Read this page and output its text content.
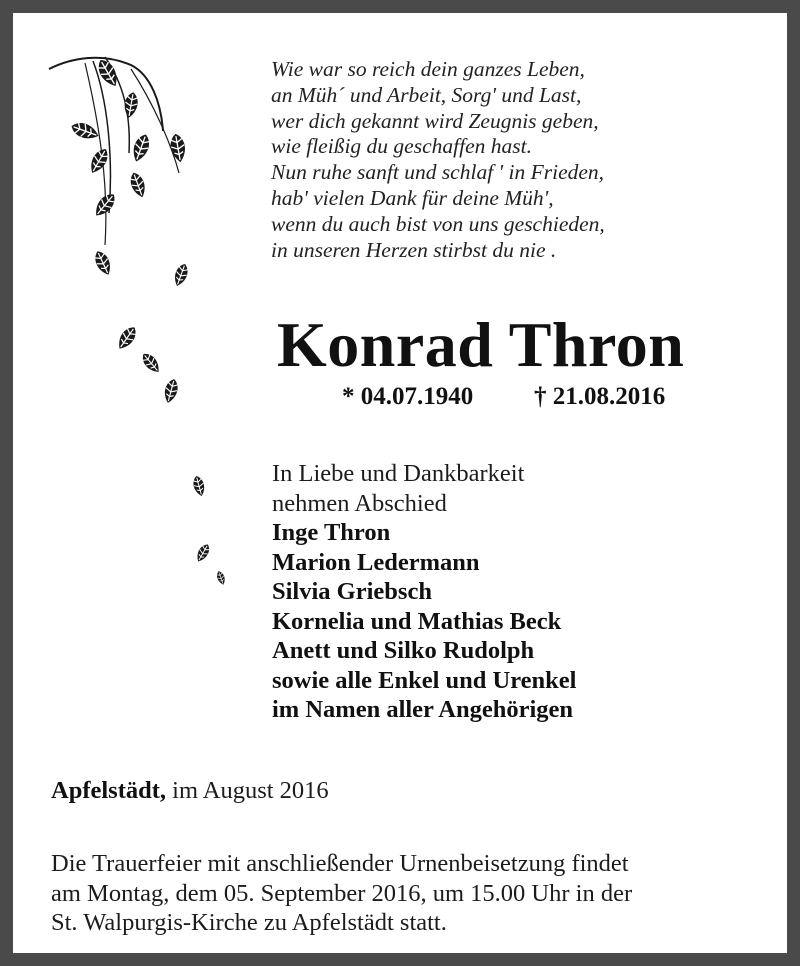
Wie war so reich dein ganzes Leben,
an Müh´ und Arbeit, Sorg' und Last,
wer dich gekannt wird Zeugnis geben,
wie fleißig du geschaffen hast.
Nun ruhe sanft und schlaf ' in Frieden,
hab' vielen Dank für deine Müh',
wenn du auch bist von uns geschieden,
in unseren Herzen stirbst du nie .
Konrad Thron
* 04.07.1940 † 21.08.2016
In Liebe und Dankbarkeit
nehmen Abschied
Inge Thron
Marion Ledermann
Silvia Griebsch
Kornelia und Mathias Beck
Anett und Silko Rudolph
sowie alle Enkel und Urenkel
im Namen aller Angehörigen
Apfelstädt, im August 2016
Die Trauerfeier mit anschließender Urnenbeisetzung findet
am Montag, dem 05. September 2016, um 15.00 Uhr in der
St. Walpurgis-Kirche zu Apfelstädt statt.
